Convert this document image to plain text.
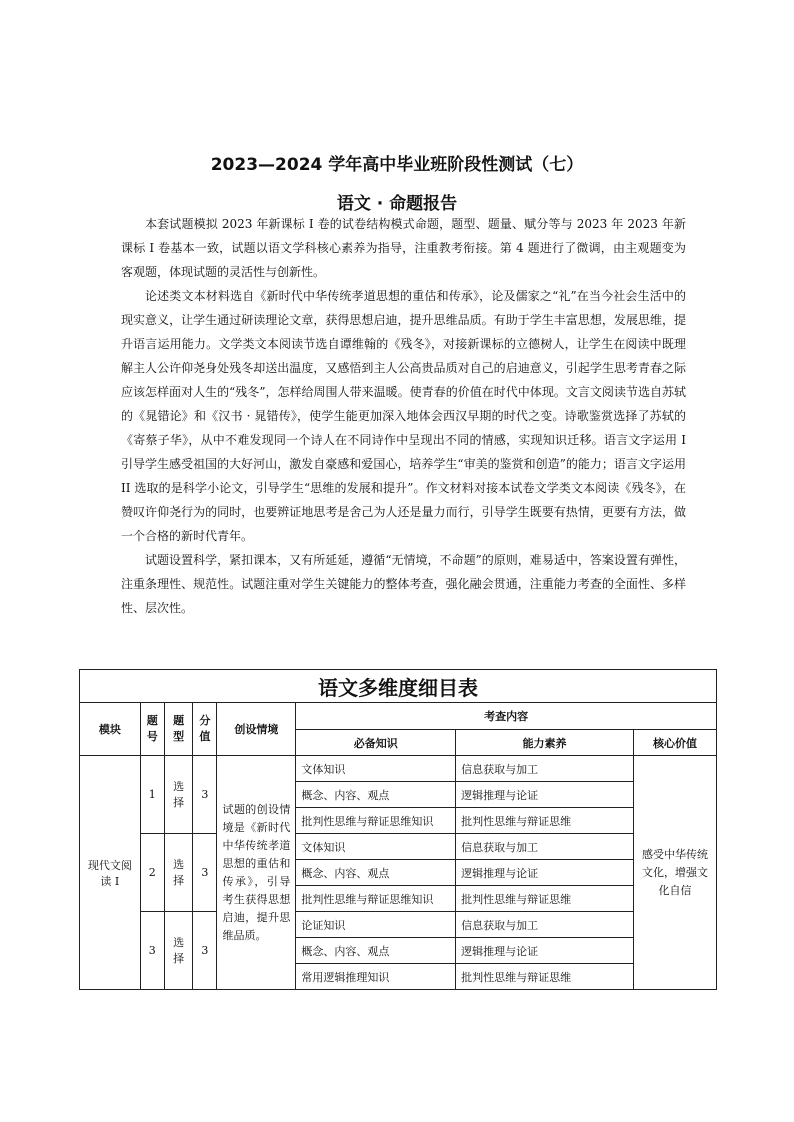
2023—2024 学年高中毕业班阶段性测试（七）
语文 · 命题报告

本套试题模拟 2023 年新课标 I 卷的试卷结构模式命题，题型、题量、赋分等与 2023 年 2023 年新课标 I 卷基本一致，试题以语文学科核心素养为指导，注重教考衔接。第 4 题进行了微调，由主观题变为客观题，体现试题的灵活性与创新性。

论述类文本材料选自《新时代中华传统孝道思想的重估和传承》，论及儒家之“礼”在当今社会生活中的现实意义，让学生通过研读理论文章，获得思想启迪，提升思维品质。有助于学生丰富思想，发展思维，提升语言运用能力。文学类文本阅读节选自谭维翰的《残冬》，对接新课标的立德树人，让学生在阅读中既理解主人公许仰尧身处残冬却送出温度，又感悟到主人公高贵品质对自己的启迪意义，引起学生思考青春之际应该怎样面对人生的“残冬”，怎样给周围人带来温暖。使青春的价值在时代中体现。文言文阅读节选自苏轼的《晁错论》和《汉书 · 晁错传》，使学生能更加深入地体会西汉早期的时代之变。诗歌鉴赏选择了苏轼的《寄蔡子华》，从中不难发现同一个诗人在不同诗作中呈现出不同的情感，实现知识迁移。语言文字运用 I 引导学生感受祖国的大好河山，激发自豪感和爱国心，培养学生“审美的鉴赏和创造”的能力；语言文字运用 II 选取的是科学小论文，引导学生“思维的发展和提升”。作文材料对接本试卷文学类文本阅读《残冬》，在赞叹许仰尧行为的同时，也要辨证地思考是舍己为人还是量力而行，引导学生既要有热情，更要有方法，做一个合格的新时代青年。

试题设置科学，紧扣课本，又有所延延，遵循“无情境，不命题”的原则，难易适中，答案设置有弹性，注重条理性、规范性。试题注重对学生关键能力的整体考查，强化融会贯通，注重能力考查的全面性、多样性、层次性。

语文多维度细目表							
模块	题号	题型	分值	创设情境	考查内容		
					必备知识	能力素养	核心价值
现代文阅读 I	1	选择	3	试题的创设情境是《新时代中华传统孝道思想的重估和传承》，引导考生获得思想启迪，提升思维品质。	文体知识	信息获取与加工	感受中华传统文化，增强文化自信
					概念、内容、观点	逻辑推理与论证	
					批判性思维与辩证思维知识	批判性思维与辩证思维	
	2	选择	3		文体知识	信息获取与加工	
					概念、内容、观点	逻辑推理与论证	
					批判性思维与辩证思维知识	批判性思维与辩证思维	
	3	选择	3		论证知识	信息获取与加工	
					概念、内容、观点	逻辑推理与论证	
					常用逻辑推理知识	批判性思维与辩证思维	
